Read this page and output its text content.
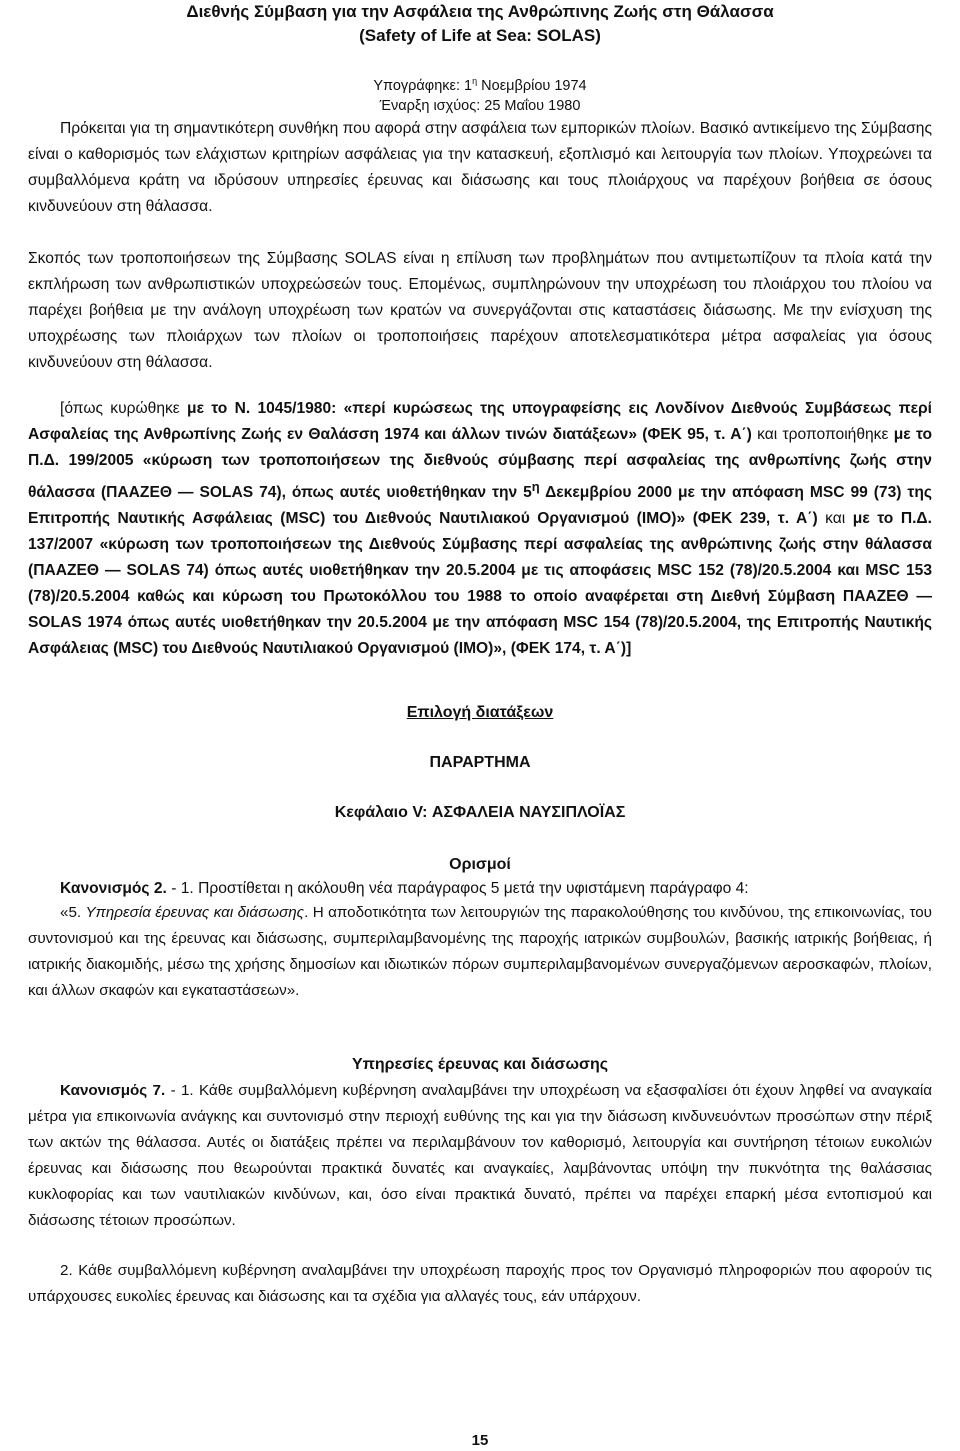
Διεθνής Σύμβαση για την Ασφάλεια της Ανθρώπινης Ζωής στη Θάλασσα
(Safety of Life at Sea: SOLAS)
Υπογράφηκε: $1^\eta$ Νοεμβρίου 1974
Έναρξη ισχύος: 25 Μαΐου 1980

Πρόκειται για τη σημαντικότερη συνθήκη που αφορά στην ασφάλεια των εμπορικών πλοίων. Βασικό αντικείμενο της Σύμβασης είναι ο καθορισμός των ελάχιστων κριτηρίων ασφάλειας για την κατασκευή, εξοπλισμό και λειτουργία των πλοίων. Υποχρεώνει τα συμβαλλόμενα κράτη να ιδρύσουν υπηρεσίες έρευνας και διάσωσης και τους πλοιάρχους να παρέχουν βοήθεια σε όσους κινδυνεύουν στη θάλασσα.

Σκοπός των τροποποιήσεων της Σύμβασης SOLAS είναι η επίλυση των προβλημάτων που αντιμετωπίζουν τα πλοία κατά την εκπλήρωση των ανθρωπιστικών υποχρεώσεών τους. Επομένως, συμπληρώνουν την υποχρέωση του πλοιάρχου του πλοίου να παρέχει βοήθεια με την ανάλογη υποχρέωση των κρατών να συνεργάζονται στις καταστάσεις διάσωσης. Με την ενίσχυση της υποχρέωσης των πλοιάρχων των πλοίων οι τροποποιήσεις παρέχουν αποτελεσματικότερα μέτρα ασφαλείας για όσους κινδυνεύουν στη θάλασσα.

[όπως κυρώθηκε με το Ν. 1045/1980: «περί κυρώσεως της υπογραφείσης εις Λονδίνον Διεθνούς Συμβάσεως περί Ασφαλείας της Ανθρωπίνης Ζωής εν Θαλάσση 1974 και άλλων τινών διατάξεων» (ΦΕΚ 95, τ. Α΄) και τροποποιήθηκε με το Π.Δ. 199/2005 «κύρωση των τροποποιήσεων της διεθνούς σύμβασης περί ασφαλείας της ανθρωπίνης ζωής στην θάλασσα (ΠΑΑΖΕΘ — SOLAS 74), όπως αυτές υιοθετήθηκαν την $5^\eta$ Δεκεμβρίου 2000 με την απόφαση MSC 99 (73) της Επιτροπής Ναυτικής Ασφάλειας (MSC) του Διεθνούς Ναυτιλιακού Οργανισμού (IMO)» (ΦΕΚ 239, τ. Α΄) και με το Π.Δ. 137/2007 «κύρωση των τροποποιήσεων της Διεθνούς Σύμβασης περί ασφαλείας της ανθρώπινης ζωής στην θάλασσα (ΠΑΑΖΕΘ — SOLAS 74) όπως αυτές υιοθετήθηκαν την 20.5.2004 με τις αποφάσεις MSC 152 (78)/20.5.2004 και MSC 153 (78)/20.5.2004 καθώς και κύρωση του Πρωτοκόλλου του 1988 το οποίο αναφέρεται στη Διεθνή Σύμβαση ΠΑΑΖΕΘ — SOLAS 1974 όπως αυτές υιοθετήθηκαν την 20.5.2004 με την απόφαση MSC 154 (78)/20.5.2004, της Επιτροπής Ναυτικής Ασφάλειας (MSC) του Διεθνούς Ναυτιλιακού Οργανισμού (IMO)», (ΦΕΚ 174, τ. Α΄)]

Επιλογή διατάξεων
ΠΑΡΑΡΤΗΜΑ
Κεφάλαιο V: ΑΣΦΑΛΕΙΑ ΝΑΥΣΙΠΛΟΪΑΣ
Ορισμοί
Κανονισμός 2. - 1. Προστίθεται η ακόλουθη νέα παράγραφος 5 μετά την υφιστάμενη παράγραφο 4:

«5. Υπηρεσία έρευνας και διάσωσης. Η αποδοτικότητα των λειτουργιών της παρακολούθησης του κινδύνου, της επικοινωνίας, του συντονισμού και της έρευνας και διάσωσης, συμπεριλαμβανομένης της παροχής ιατρικών συμβουλών, βασικής ιατρικής βοήθειας, ή ιατρικής διακομιδής, μέσω της χρήσης δημοσίων και ιδιωτικών πόρων συμπεριλαμβανομένων συνεργαζόμενων αεροσκαφών, πλοίων, και άλλων σκαφών και εγκαταστάσεων».

Υπηρεσίες έρευνας και διάσωσης

Κανονισμός 7. - 1. Κάθε συμβαλλόμενη κυβέρνηση αναλαμβάνει την υποχρέωση να εξασφαλίσει ότι έχουν ληφθεί να αναγκαία μέτρα για επικοινωνία ανάγκης και συντονισμό στην περιοχή ευθύνης της και για την διάσωση κινδυνευόντων προσώπων στην πέριξ των ακτών της θάλασσα. Αυτές οι διατάξεις πρέπει να περιλαμβάνουν τον καθορισμό, λειτουργία και συντήρηση τέτοιων ευκολιών έρευνας και διάσωσης που θεωρούνται πρακτικά δυνατές και αναγκαίες, λαμβάνοντας υπόψη την πυκνότητα της θαλάσσιας κυκλοφορίας και των ναυτιλιακών κινδύνων, και, όσο είναι πρακτικά δυνατό, πρέπει να παρέχει επαρκή μέσα εντοπισμού και διάσωσης τέτοιων προσώπων.

2. Κάθε συμβαλλόμενη κυβέρνηση αναλαμβάνει την υποχρέωση παροχής προς τον Οργανισμό πληροφοριών που αφορούν τις υπάρχουσες ευκολίες έρευνας και διάσωσης και τα σχέδια για αλλαγές τους, εάν υπάρχουν.

15
